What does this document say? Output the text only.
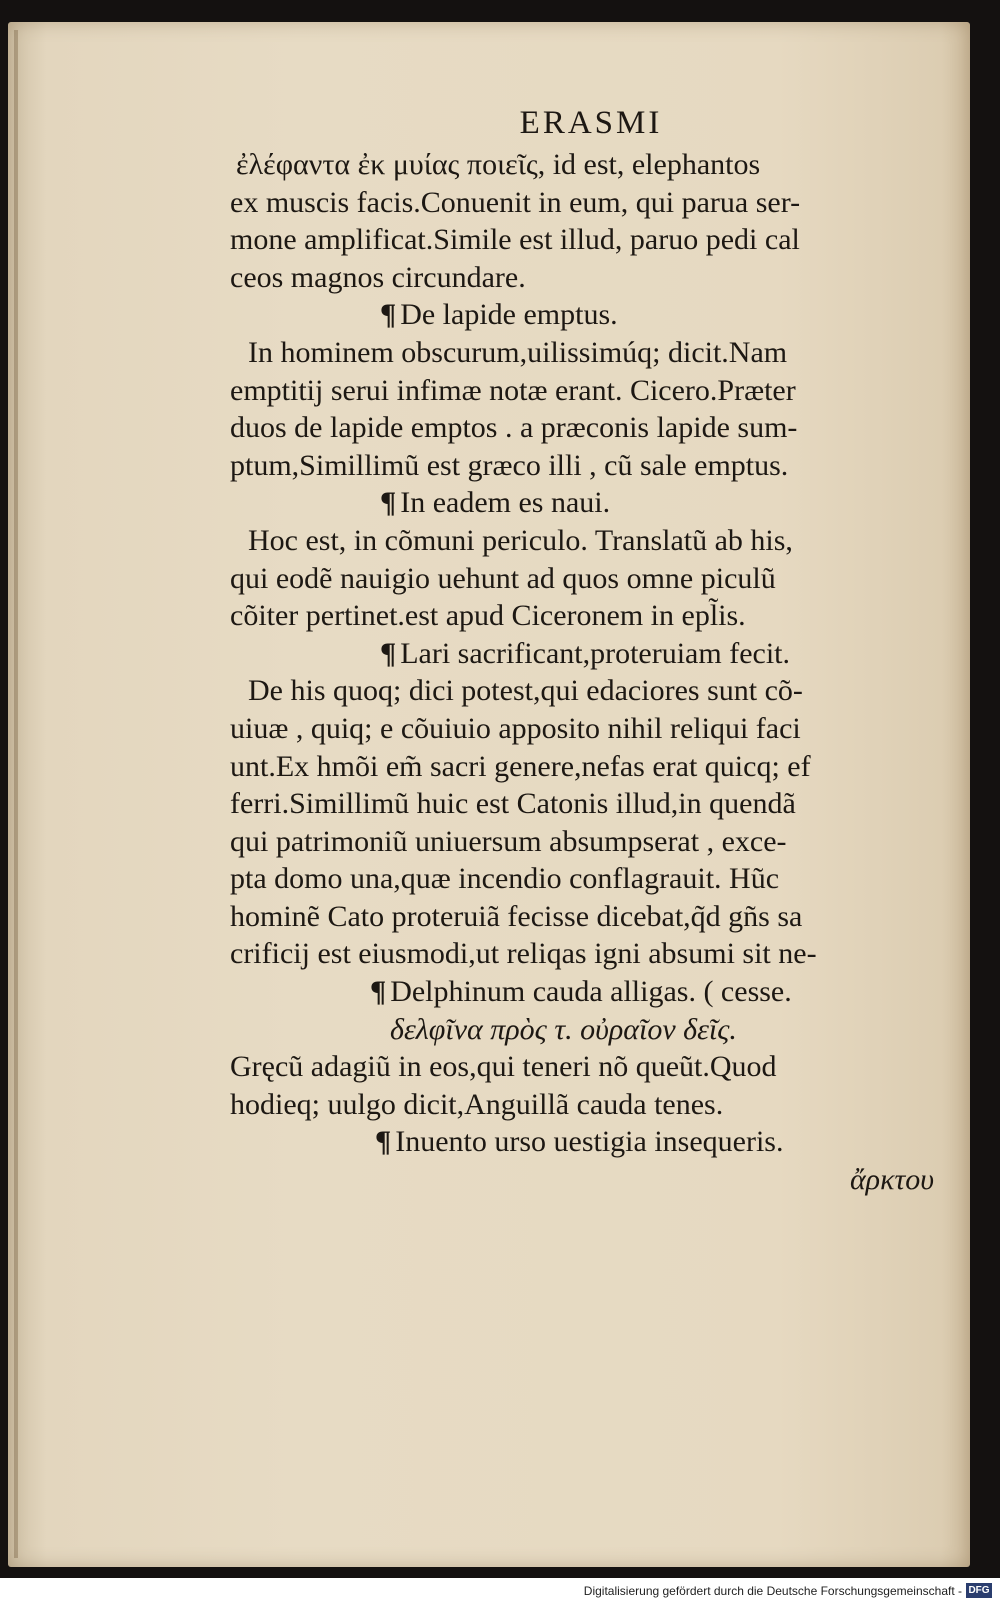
ERASMI
ἐλέφαντα ἐκ μυίας ποιεῖς, id est, elephantos
ex muscis facis.Conuenit in eum, qui parua ser-
mone amplificat.Simile est illud, paruo pedi cal
ceos magnos circundare.
¶ De lapide emptus.
In hominem obscurum,uilissimúq; dicit.Nam
emptitij serui infimæ notæ erant. Cicero.Præter
duos de lapide emptos . a præconis lapide sum-
ptum,Simillimũ est græco illi , cũ sale emptus.
¶ In eadem es naui.
Hoc est, in cõmuni periculo. Translatũ ab his,
qui eodẽ nauigio uehunt ad quos omne piculũ
cõiter pertinet.est apud Ciceronem in epl̃is.
¶ Lari sacrificant,proteruiam fecit.
De his quoq; dici potest,qui edaciores sunt cõ-
uiuæ , quiq; e cõuiuio apposito nihil reliqui faci
unt.Ex hmõi em̃ sacri genere,nefas erat quicq; ef
ferri.Simillimũ huic est Catonis illud,in quendã
qui patrimoniũ uniuersum absumpserat , exce-
pta domo una,quæ incendio conflagrauit. Hũc
hominẽ Cato proteruiã fecisse dicebat,q̃d gñs sa
crificij est eiusmodi,ut reliqas igni absumi sit ne-
¶ Delphinum cauda alligas. ( cesse.
δελφῖνα πρὸς τ. οὐραῖον δεῖς.
Gręcũ adagiũ in eos,qui teneri nõ queũt.Quod
hodieq; uulgo dicit,Anguillã cauda tenes.
¶ Inuento urso uestigia insequeris.
ἄρκτου
Digitalisierung gefördert durch die Deutsche Forschungsgemeinschaft - DFG
